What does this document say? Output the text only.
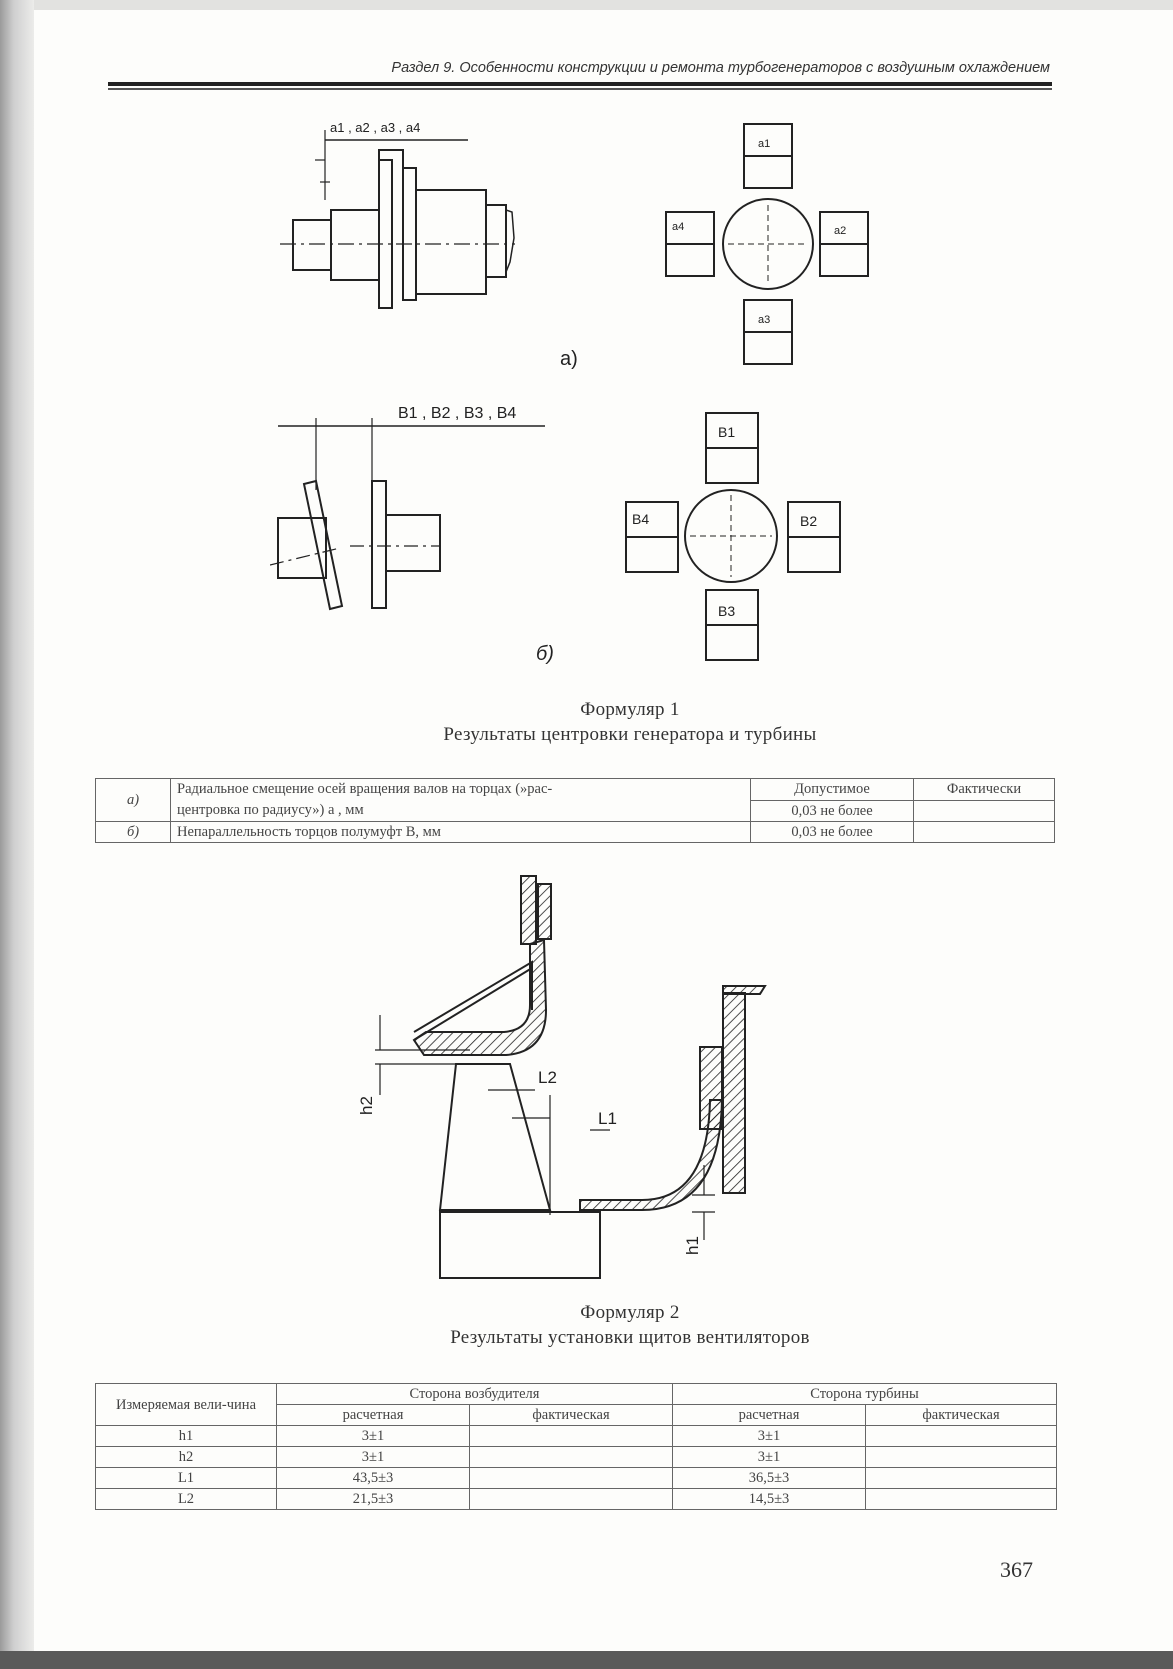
Раздел 9. Особенности конструкции и ремонта турбогенераторов с воздушным охлаждением
a1 , a2 , a3 , a4
a1
a2
a3
a4
а)
B1 , B2 , B3 , B4
B1
B2
B3
B4
б)
Формуляр 1
Результаты центровки генератора и турбины
а)	Радиальное смещение осей вращения валов на торцах (»рас-
центровка по радиусу») а , мм	Допустимое	Фактически
		0,03 не более	
б)	Непараллельность торцов полумуфт В, мм	0,03 не более	
h2
L2
L1
h1
Формуляр 2
Результаты установки щитов вентиляторов
Измеряемая вели-чина	Сторона возбудителя		Сторона турбины	
	расчетная	фактическая	расчетная	фактическая
h1	3±1		3±1	
h2	3±1		3±1	
L1	43,5±3		36,5±3	
L2	21,5±3		14,5±3	
367
